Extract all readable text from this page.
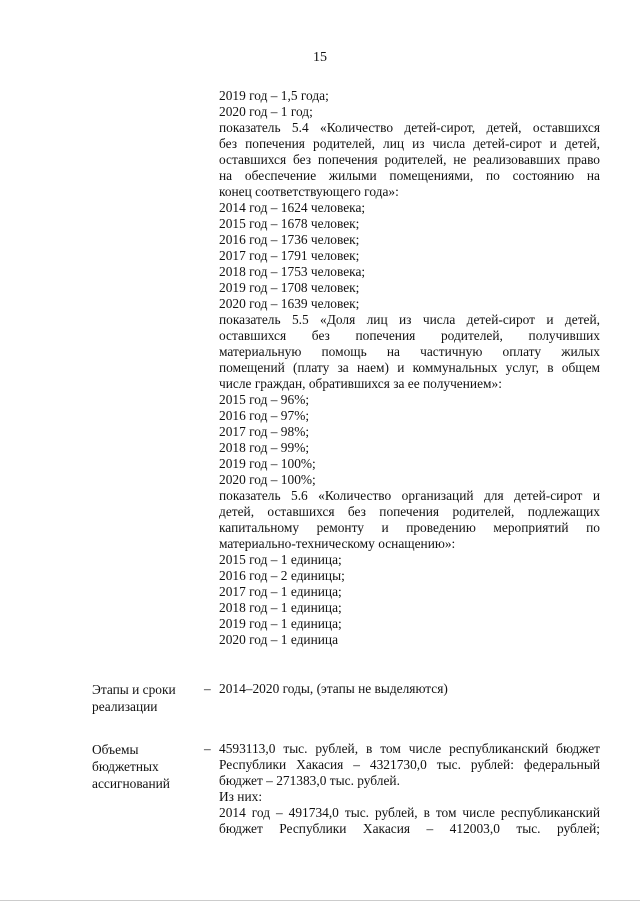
15
2019 год – 1,5 года;
2020 год – 1 год;
показатель 5.4 «Количество детей-сирот, детей, оставшихся
без попечения родителей, лиц из числа детей-сирот и детей,
оставшихся без попечения родителей, не реализовавших право
на обеспечение жилыми помещениями, по состоянию на
конец соответствующего года»:
2014 год – 1624 человека;
2015 год – 1678 человек;
2016 год – 1736 человек;
2017 год – 1791 человек;
2018 год – 1753 человека;
2019 год – 1708 человек;
2020 год – 1639 человек;
показатель 5.5 «Доля лиц из числа детей-сирот и детей,
оставшихся без попечения родителей, получивших
материальную помощь на частичную оплату жилых
помещений (плату за наем) и коммунальных услуг, в общем
числе граждан, обратившихся за ее получением»:
2015 год – 96%;
2016 год – 97%;
2017 год – 98%;
2018 год – 99%;
2019 год – 100%;
2020 год – 100%;
показатель 5.6 «Количество организаций для детей-сирот и
детей, оставшихся без попечения родителей, подлежащих
капитальному ремонту и проведению мероприятий по
материально-техническому оснащению»:
2015 год – 1 единица;
2016 год – 2 единицы;
2017 год – 1 единица;
2018 год – 1 единица;
2019 год – 1 единица;
2020 год – 1 единица
Этапы и сроки
реализации
– 2014–2020 годы, (этапы не выделяются)
Объемы
бюджетных
ассигнований
– 4593113,0 тыс. рублей, в том числе республиканский бюджет
Республики Хакасия – 4321730,0 тыс. рублей: федеральный
бюджет – 271383,0 тыс. рублей.
Из них:
2014 год – 491734,0 тыс. рублей, в том числе республиканский
бюджет Республики Хакасия – 412003,0 тыс. рублей;
